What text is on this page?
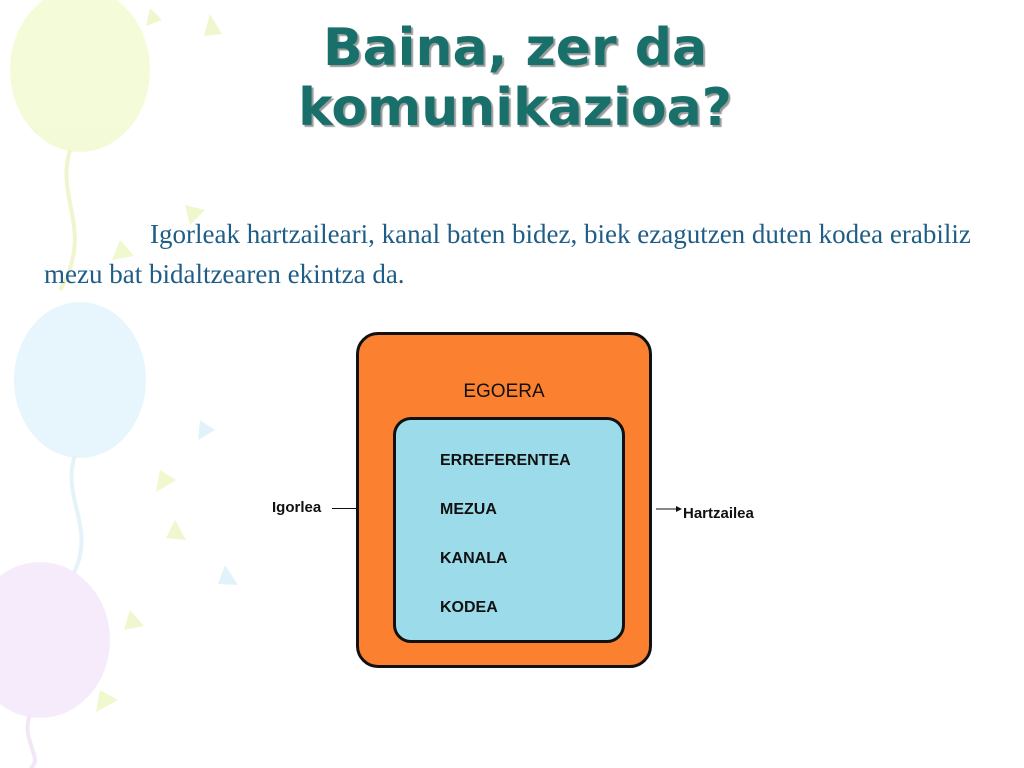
Baina, zer da
komunikazioa?

Igorleak hartzaileari, kanal baten bidez, biek ezagutzen duten kodea erabiliz mezu bat bidaltzearen ekintza da.

Igorlea
EGOERA
ERREFERENTEA
MEZUA
KANALA
KODEA
Hartzailea
